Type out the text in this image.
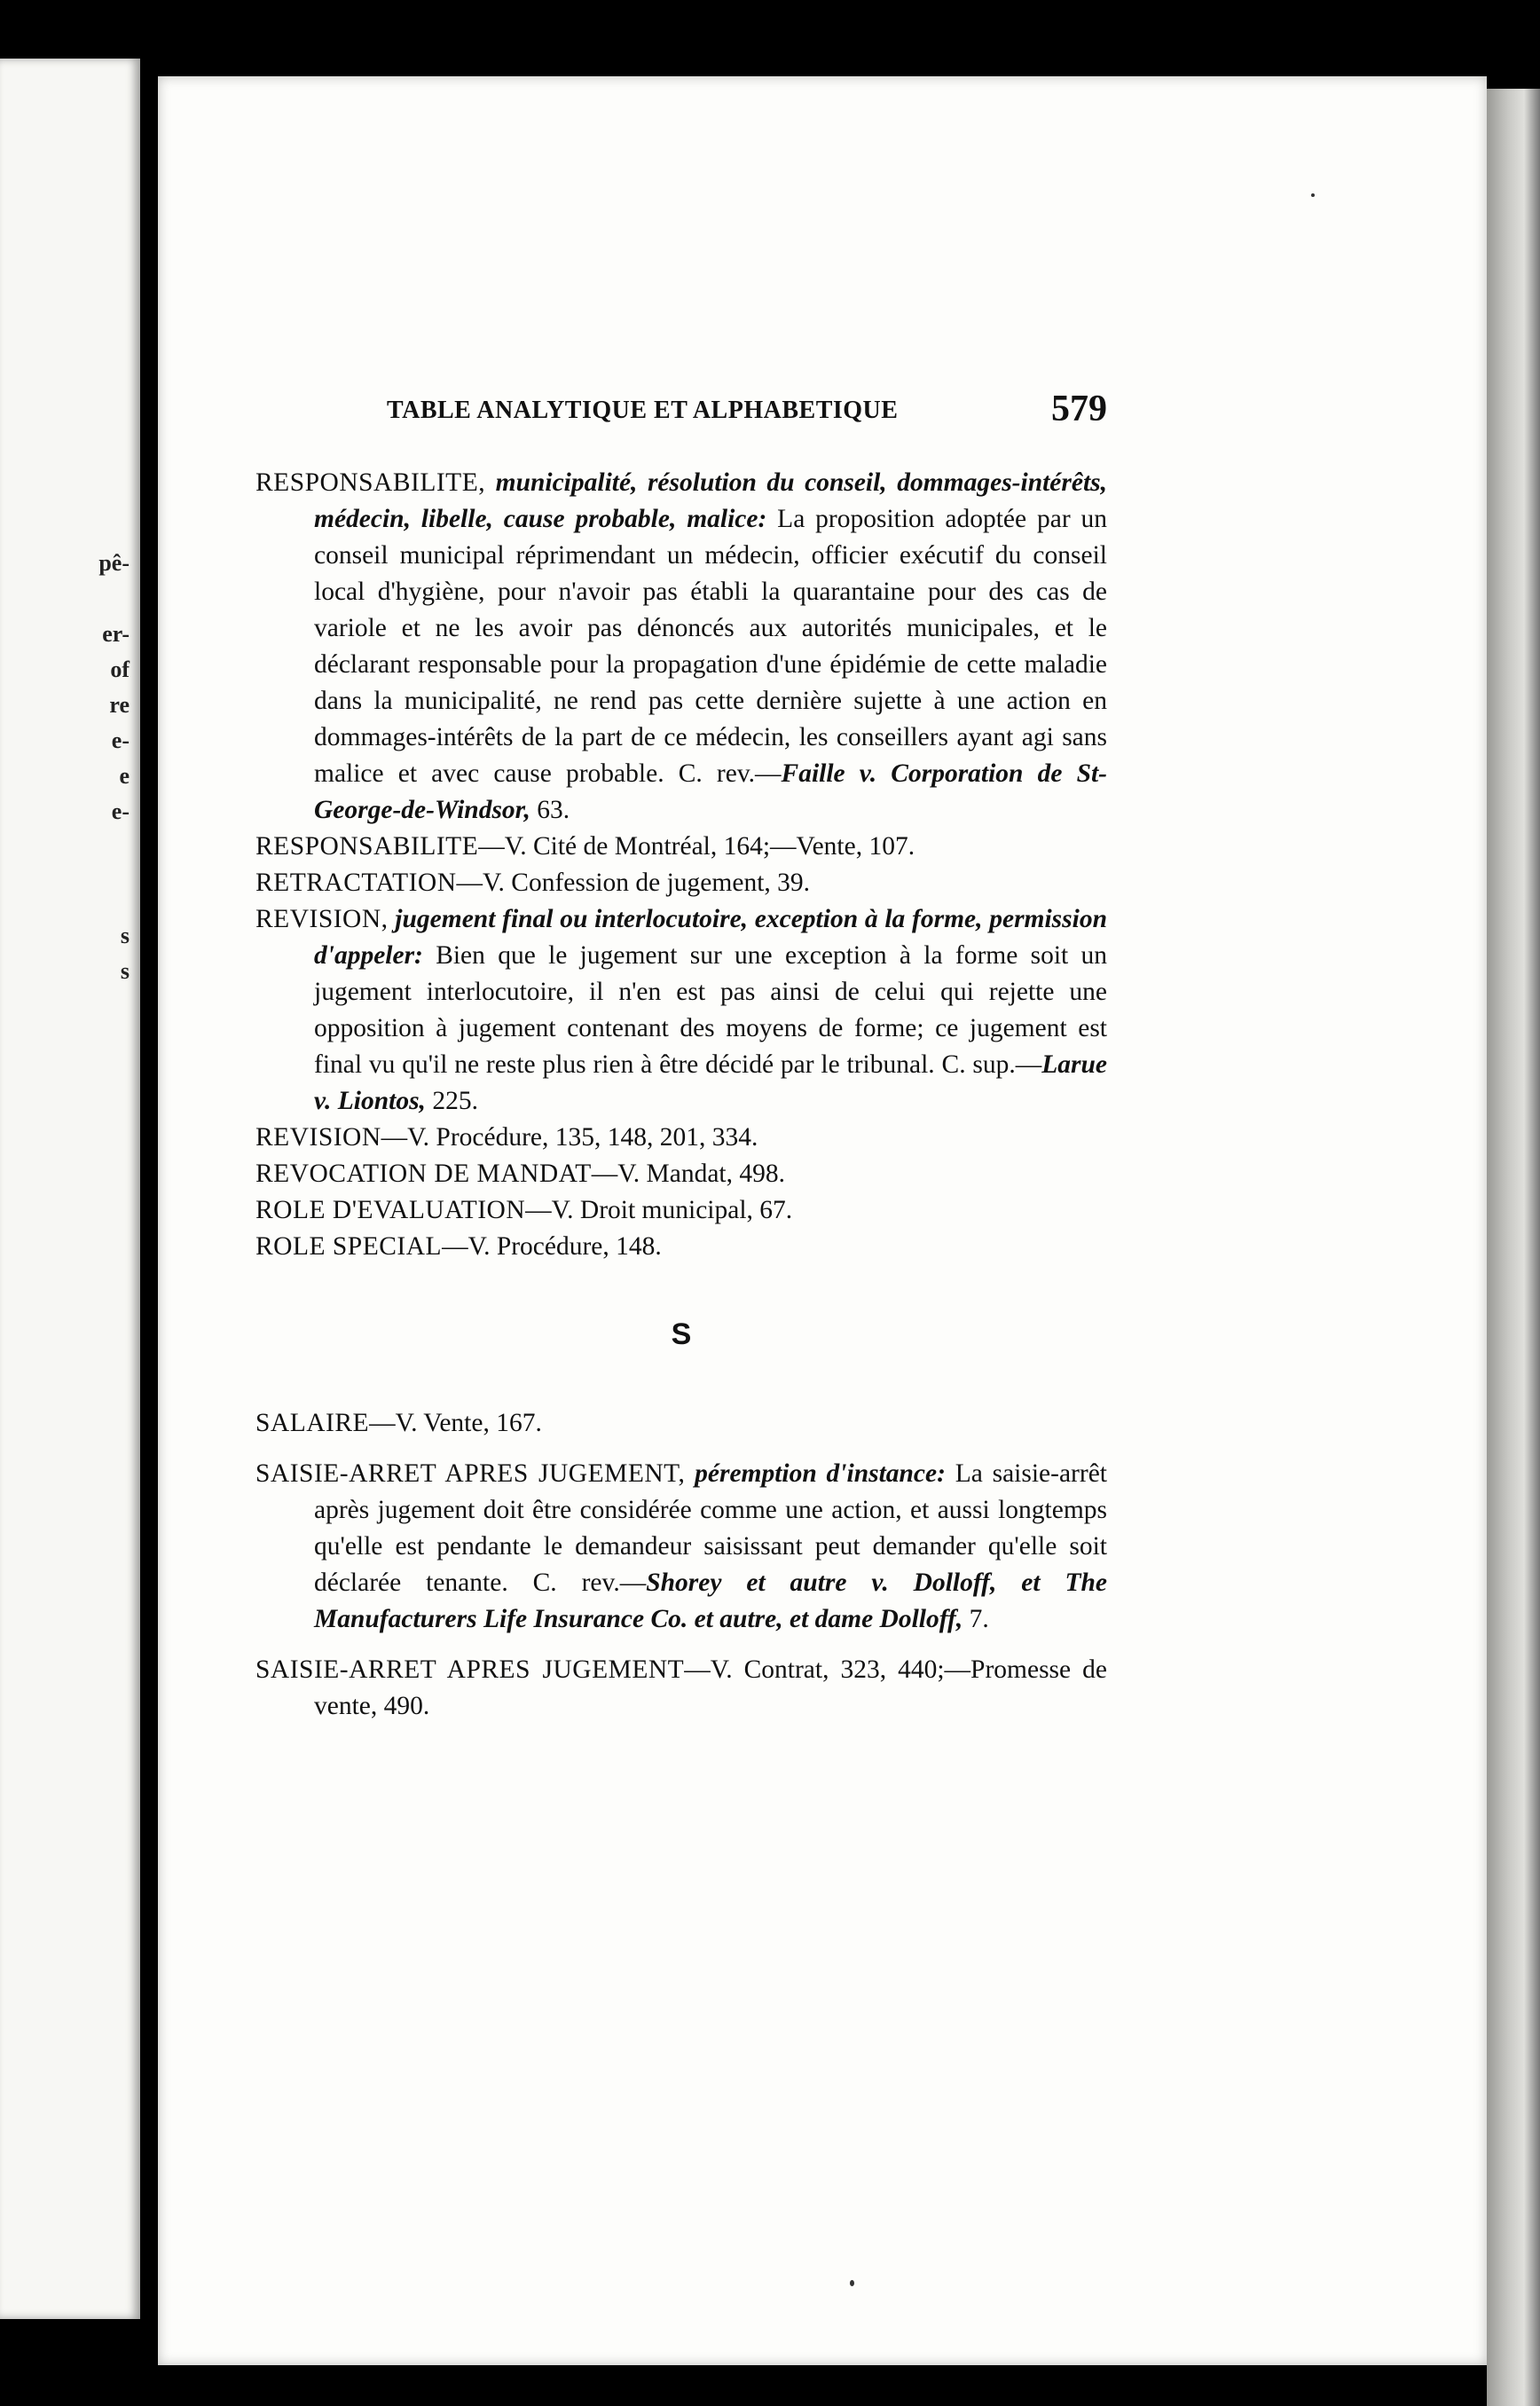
pê-
er-
of
re
e-
e
e-
s
s
TABLE ANALYTIQUE ET ALPHABETIQUE	579

RESPONSABILITE, municipalité, résolution du conseil, dommages-intérêts, médecin, libelle, cause probable, malice: La proposition adoptée par un conseil municipal réprimendant un médecin, officier exécutif du conseil local d'hygiène, pour n'avoir pas établi la quarantaine pour des cas de variole et ne les avoir pas dénoncés aux autorités municipales, et le déclarant responsable pour la propagation d'une épidémie de cette maladie dans la municipalité, ne rend pas cette dernière sujette à une action en dommages-intérêts de la part de ce médecin, les conseillers ayant agi sans malice et avec cause probable. C. rev.—Faille v. Corporation de St-George-de-Windsor, 63.

RESPONSABILITE—V. Cité de Montréal, 164;—Vente, 107.

RETRACTATION—V. Confession de jugement, 39.

REVISION, jugement final ou interlocutoire, exception à la forme, permission d'appeler: Bien que le jugement sur une exception à la forme soit un jugement interlocutoire, il n'en est pas ainsi de celui qui rejette une opposition à jugement contenant des moyens de forme; ce jugement est final vu qu'il ne reste plus rien à être décidé par le tribunal. C. sup.—Larue v. Liontos, 225.

REVISION—V. Procédure, 135, 148, 201, 334.

REVOCATION DE MANDAT—V. Mandat, 498.

ROLE D'EVALUATION—V. Droit municipal, 67.

ROLE SPECIAL—V. Procédure, 148.

S

SALAIRE—V. Vente, 167.

SAISIE-ARRET APRES JUGEMENT, péremption d'instance: La saisie-arrêt après jugement doit être considérée comme une action, et aussi longtemps qu'elle est pendante le demandeur saisissant peut demander qu'elle soit déclarée tenante. C. rev.—Shorey et autre v. Dolloff, et The Manufacturers Life Insurance Co. et autre, et dame Dolloff, 7.

SAISIE-ARRET APRES JUGEMENT—V. Contrat, 323, 440;—Promesse de vente, 490.
